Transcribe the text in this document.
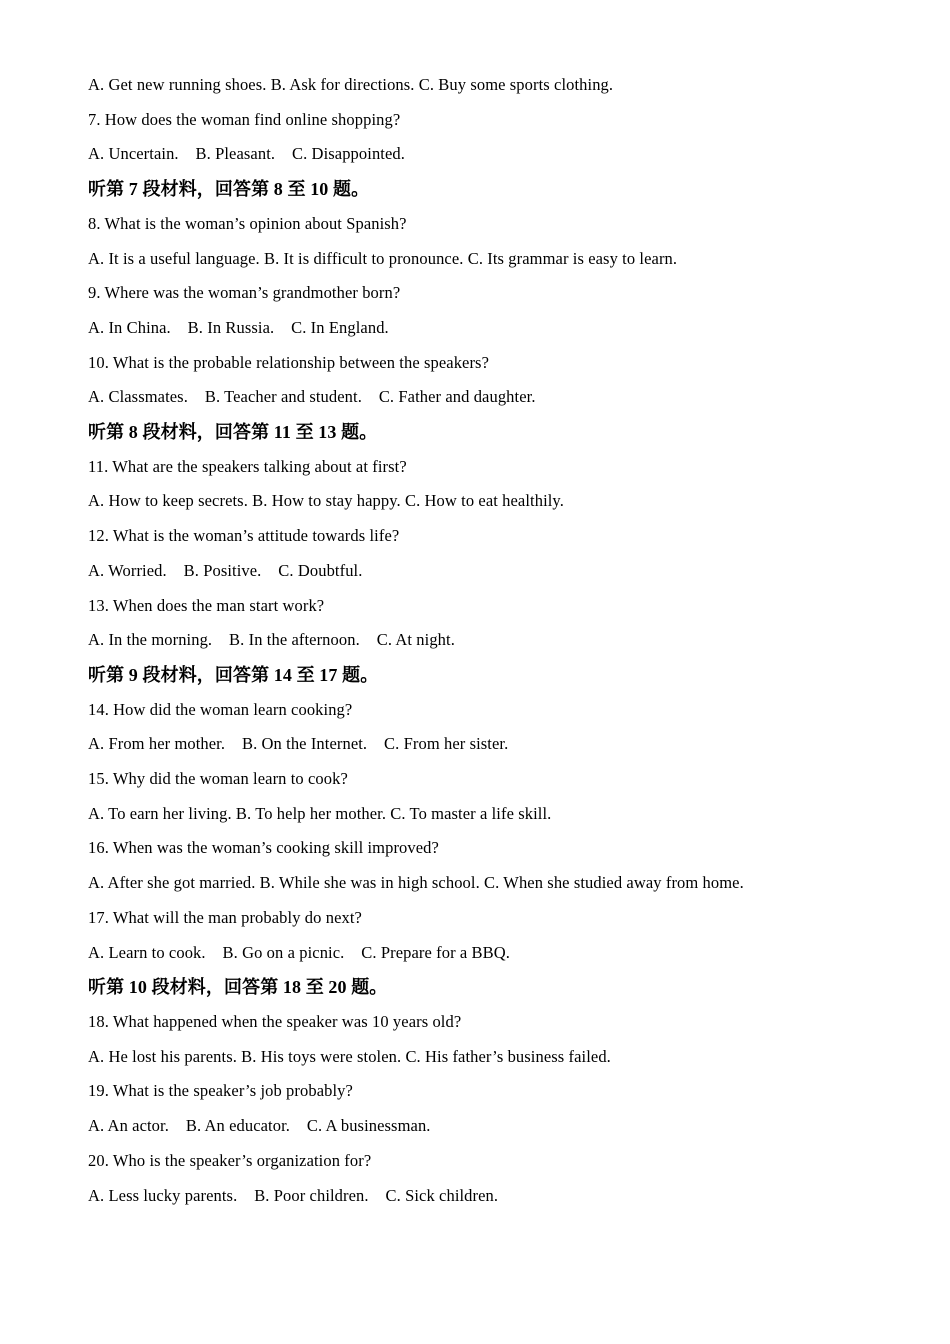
A. Get new running shoes. B. Ask for directions. C. Buy some sports clothing.
7. How does the woman find online shopping?
A. Uncertain.    B. Pleasant.    C. Disappointed.
听第 7 段材料，回答第 8 至 10 题。
8. What is the woman’s opinion about Spanish?
A. It is a useful language. B. It is difficult to pronounce. C. Its grammar is easy to learn.
9. Where was the woman’s grandmother born?
A. In China.    B. In Russia.    C. In England.
10. What is the probable relationship between the speakers?
A. Classmates.    B. Teacher and student.    C. Father and daughter.
听第 8 段材料，回答第 11 至 13 题。
11. What are the speakers talking about at first?
A. How to keep secrets. B. How to stay happy. C. How to eat healthily.
12. What is the woman’s attitude towards life?
A. Worried.    B. Positive.    C. Doubtful.
13. When does the man start work?
A. In the morning.    B. In the afternoon.    C. At night.
听第 9 段材料，回答第 14 至 17 题。
14. How did the woman learn cooking?
A. From her mother.    B. On the Internet.    C. From her sister.
15. Why did the woman learn to cook?
A. To earn her living. B. To help her mother. C. To master a life skill.
16. When was the woman’s cooking skill improved?
A. After she got married. B. While she was in high school. C. When she studied away from home.
17. What will the man probably do next?
A. Learn to cook.    B. Go on a picnic.    C. Prepare for a BBQ.
听第 10 段材料，回答第 18 至 20 题。
18. What happened when the speaker was 10 years old?
A. He lost his parents. B. His toys were stolen. C. His father’s business failed.
19. What is the speaker’s job probably?
A. An actor.    B. An educator.    C. A businessman.
20. Who is the speaker’s organization for?
A. Less lucky parents.    B. Poor children.    C. Sick children.
